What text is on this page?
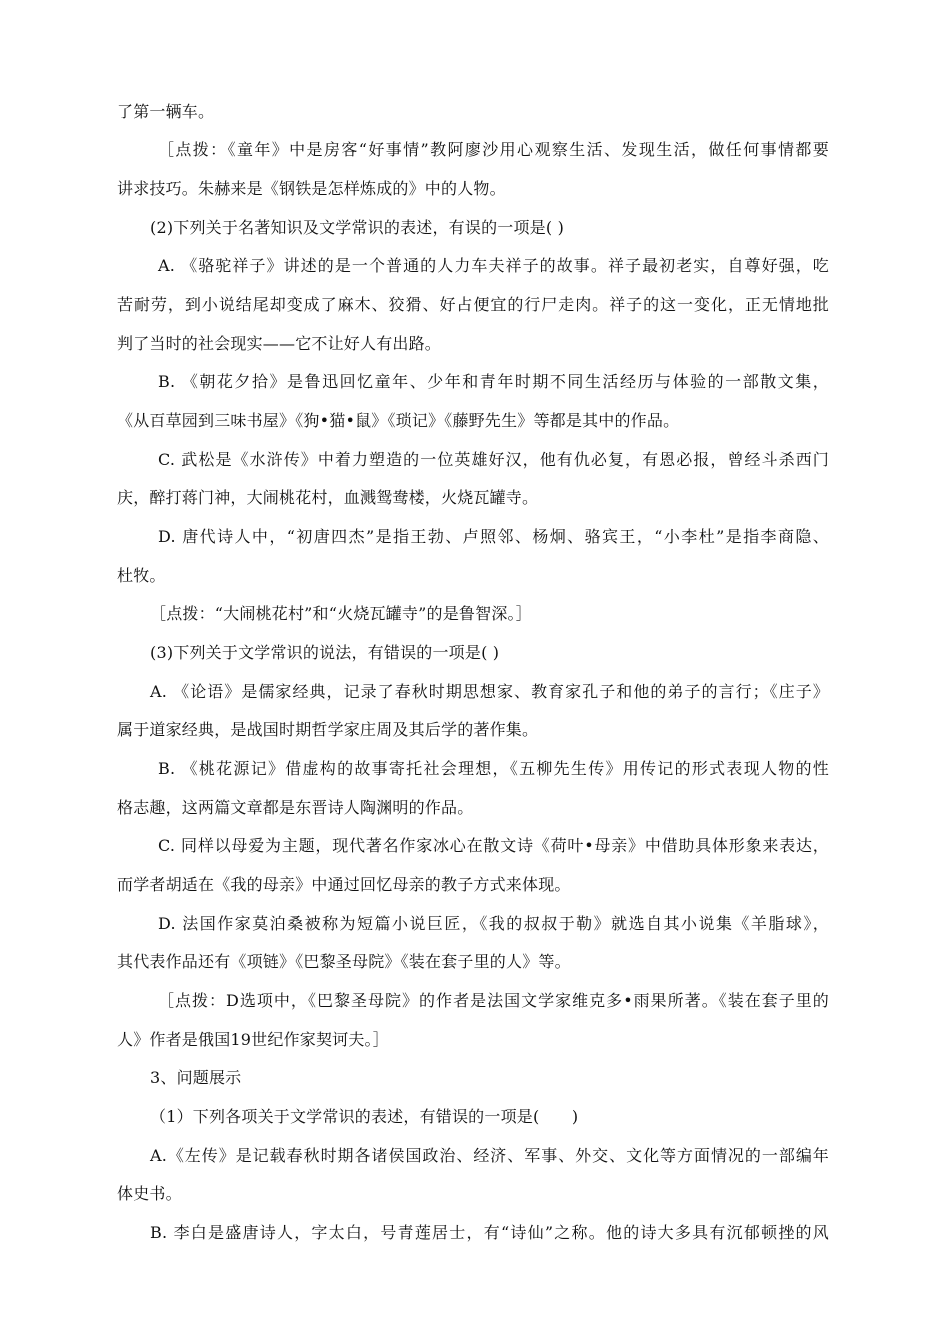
了第一辆车。
［点拨：《童年》中是房客“好事情”教阿廖沙用心观察生活、发现生活，做任何事情都要
讲求技巧。朱赫来是《钢铁是怎样炼成的》中的人物。
(2)下列关于名著知识及文学常识的表述，有误的一项是( )
A. 《骆驼祥子》讲述的是一个普通的人力车夫祥子的故事。祥子最初老实，自尊好强，吃
苦耐劳，到小说结尾却变成了麻木、狡猾、好占便宜的行尸走肉。祥子的这一变化，正无情地批
判了当时的社会现实——它不让好人有出路。
B. 《朝花夕拾》是鲁迅回忆童年、少年和青年时期不同生活经历与体验的一部散文集，
《从百草园到三味书屋》《狗•猫•鼠》《琐记》《藤野先生》等都是其中的作品。
C. 武松是《水浒传》中着力塑造的一位英雄好汉，他有仇必复，有恩必报，曾经斗杀西门
庆，醉打蒋门神，大闹桃花村，血溅鸳鸯楼，火烧瓦罐寺。
D. 唐代诗人中，“初唐四杰”是指王勃、卢照邻、杨炯、骆宾王，“小李杜”是指李商隐、
杜牧。
［点拨：“大闹桃花村”和“火烧瓦罐寺”的是鲁智深。］
(3)下列关于文学常识的说法，有错误的一项是( )
A. 《论语》是儒家经典，记录了春秋时期思想家、教育家孔子和他的弟子的言行；《庄子》
属于道家经典，是战国时期哲学家庄周及其后学的著作集。
B. 《桃花源记》借虚构的故事寄托社会理想，《五柳先生传》用传记的形式表现人物的性
格志趣，这两篇文章都是东晋诗人陶渊明的作品。
C. 同样以母爱为主题，现代著名作家冰心在散文诗《荷叶•母亲》中借助具体形象来表达，
而学者胡适在《我的母亲》中通过回忆母亲的教子方式来体现。
D. 法国作家莫泊桑被称为短篇小说巨匠，《我的叔叔于勒》就选自其小说集《羊脂球》，
其代表作品还有《项链》《巴黎圣母院》《装在套子里的人》等。
［点拨：D选项中，《巴黎圣母院》的作者是法国文学家维克多•雨果所著。《装在套子里的
人》作者是俄国19世纪作家契诃夫。］
3、问题展示
（1）下列各项关于文学常识的表述，有错误的一项是(　　)
A.《左传》是记载春秋时期各诸侯国政治、经济、军事、外交、文化等方面情况的一部编年
体史书。
B. 李白是盛唐诗人，字太白，号青莲居士，有“诗仙”之称。他的诗大多具有沉郁顿挫的风
